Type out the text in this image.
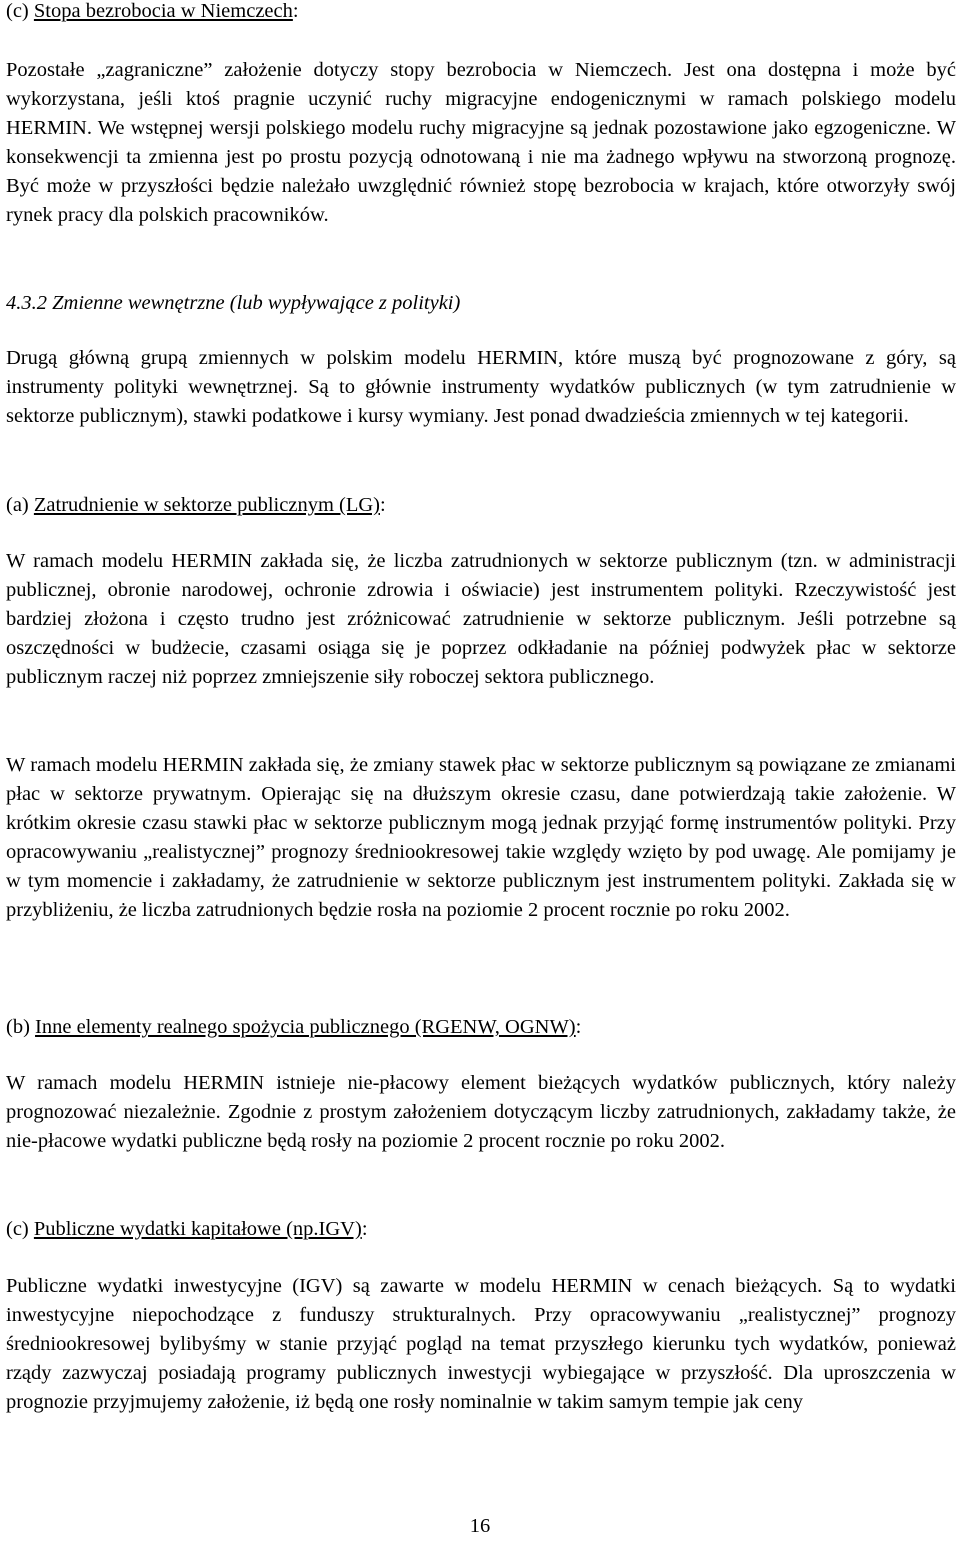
(c) Stopa bezrobocia w Niemczech:

Pozostałe „zagraniczne” założenie dotyczy stopy bezrobocia w Niemczech. Jest ona dostępna i może być wykorzystana, jeśli ktoś pragnie uczynić ruchy migracyjne endogenicznymi w ramach polskiego modelu HERMIN. We wstępnej wersji polskiego modelu ruchy migracyjne są jednak pozostawione jako egzogeniczne. W konsekwencji ta zmienna jest po prostu pozycją odnotowaną i nie ma żadnego wpływu na stworzoną prognozę. Być może w przyszłości będzie należało uwzględnić również stopę bezrobocia w krajach, które otworzyły swój rynek pracy dla polskich pracowników.

4.3.2 Zmienne wewnętrzne (lub wypływające z polityki)

Drugą główną grupą zmiennych w polskim modelu HERMIN, które muszą być prognozowane z góry, są instrumenty polityki wewnętrznej. Są to głównie instrumenty wydatków publicznych (w tym zatrudnienie w sektorze publicznym), stawki podatkowe i kursy wymiany. Jest ponad dwadzieścia zmiennych w tej kategorii.

(a) Zatrudnienie w sektorze publicznym (LG):

W ramach modelu HERMIN zakłada się, że liczba zatrudnionych w sektorze publicznym (tzn. w administracji publicznej, obronie narodowej, ochronie zdrowia i oświacie) jest instrumentem polityki. Rzeczywistość jest bardziej złożona i często trudno jest zróżnicować zatrudnienie w sektorze publicznym. Jeśli potrzebne są oszczędności w budżecie, czasami osiąga się je poprzez odkładanie na później podwyżek płac w sektorze publicznym raczej niż poprzez zmniejszenie siły roboczej sektora publicznego.

W ramach modelu HERMIN zakłada się, że zmiany stawek płac w sektorze publicznym są powiązane ze zmianami płac w sektorze prywatnym. Opierając się na dłuższym okresie czasu, dane potwierdzają takie założenie. W krótkim okresie czasu stawki płac w sektorze publicznym mogą jednak przyjąć formę instrumentów polityki. Przy opracowywaniu „realistycznej” prognozy średniookresowej takie względy wzięto by pod uwagę. Ale pomijamy je w tym momencie i zakładamy, że zatrudnienie w sektorze publicznym jest instrumentem polityki. Zakłada się w przybliżeniu, że liczba zatrudnionych będzie rosła na poziomie 2 procent rocznie po roku 2002.

(b) Inne elementy realnego spożycia publicznego (RGENW, OGNW):

W ramach modelu HERMIN istnieje nie-płacowy element bieżących wydatków publicznych, który należy prognozować niezależnie. Zgodnie z prostym założeniem dotyczącym liczby zatrudnionych, zakładamy także, że nie-płacowe wydatki publiczne będą rosły na poziomie 2 procent rocznie po roku 2002.

(c) Publiczne wydatki kapitałowe (np.IGV):

Publiczne wydatki inwestycyjne (IGV) są zawarte w modelu HERMIN w cenach bieżących. Są to wydatki inwestycyjne niepochodzące z funduszy strukturalnych. Przy opracowywaniu „realistycznej” prognozy średniookresowej bylibyśmy w stanie przyjąć pogląd na temat przyszłego kierunku tych wydatków, ponieważ rządy zazwyczaj posiadają programy publicznych inwestycji wybiegające w przyszłość. Dla uproszczenia w prognozie przyjmujemy założenie, iż będą one rosły nominalnie w takim samym tempie jak ceny

16
